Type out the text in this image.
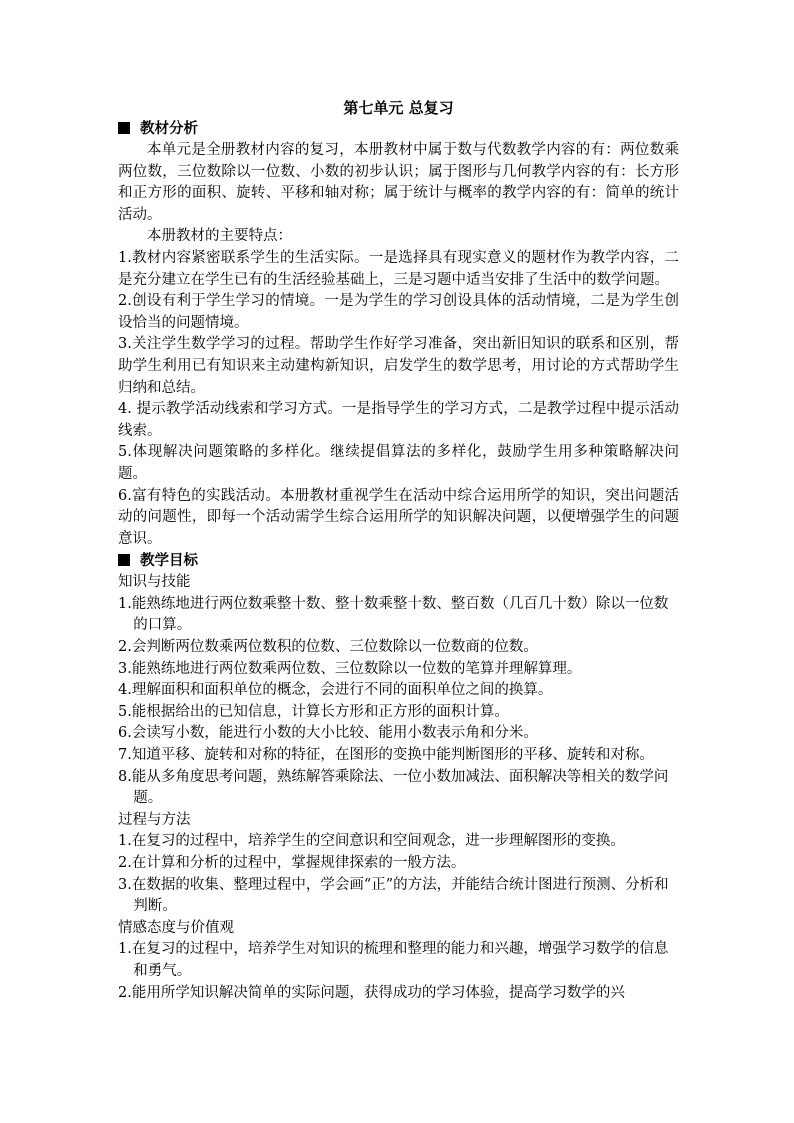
第七单元 总复习

教材分析

本单元是全册教材内容的复习，本册教材中属于数与代数教学内容的有：两位数乘两位数，三位数除以一位数、小数的初步认识；属于图形与几何教学内容的有：长方形和正方形的面积、旋转、平移和轴对称；属于统计与概率的教学内容的有：简单的统计活动。

本册教材的主要特点：

1.教材内容紧密联系学生的生活实际。一是选择具有现实意义的题材作为教学内容，二是充分建立在学生已有的生活经验基础上，三是习题中适当安排了生活中的数学问题。

2.创设有利于学生学习的情境。一是为学生的学习创设具体的活动情境，二是为学生创设恰当的问题情境。

3.关注学生数学学习的过程。帮助学生作好学习准备，突出新旧知识的联系和区别，帮助学生利用已有知识来主动建构新知识，启发学生的数学思考，用讨论的方式帮助学生归纳和总结。

4. 提示教学活动线索和学习方式。一是指导学生的学习方式，二是教学过程中提示活动线索。

5.体现解决问题策略的多样化。继续提倡算法的多样化，鼓励学生用多种策略解决问题。

6.富有特色的实践活动。本册教材重视学生在活动中综合运用所学的知识，突出问题活动的问题性，即每一个活动需学生综合运用所学的知识解决问题，以便增强学生的问题意识。

教学目标

知识与技能

1.能熟练地进行两位数乘整十数、整十数乘整十数、整百数（几百几十数）除以一位数的口算。

2.会判断两位数乘两位数积的位数、三位数除以一位数商的位数。

3.能熟练地进行两位数乘两位数、三位数除以一位数的笔算并理解算理。

4.理解面积和面积单位的概念，会进行不同的面积单位之间的换算。

5.能根据给出的已知信息，计算长方形和正方形的面积计算。

6.会读写小数，能进行小数的大小比较、能用小数表示角和分米。

7.知道平移、旋转和对称的特征，在图形的变换中能判断图形的平移、旋转和对称。

8.能从多角度思考问题，熟练解答乘除法、一位小数加减法、面积解决等相关的数学问题。

过程与方法

1.在复习的过程中，培养学生的空间意识和空间观念，进一步理解图形的变换。

2.在计算和分析的过程中，掌握规律探索的一般方法。

3.在数据的收集、整理过程中，学会画“正”的方法，并能结合统计图进行预测、分析和判断。

情感态度与价值观

1.在复习的过程中，培养学生对知识的梳理和整理的能力和兴趣，增强学习数学的信息和勇气。

2.能用所学知识解决简单的实际问题，获得成功的学习体验，提高学习数学的兴
